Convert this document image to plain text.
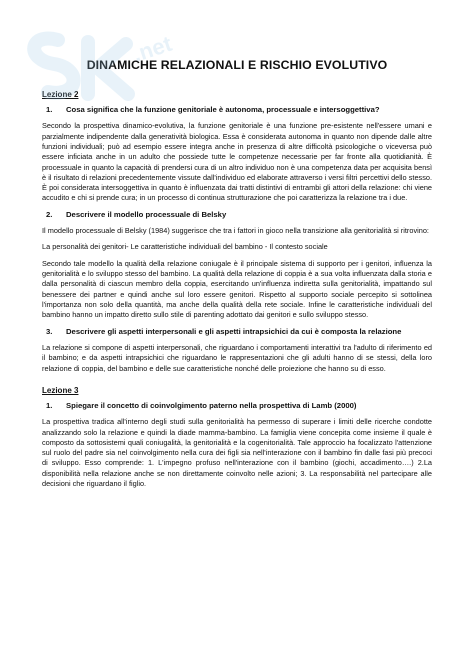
.net
DINAMICHE RELAZIONALI E RISCHIO EVOLUTIVO
Lezione 2
1.	Cosa significa che la funzione genitoriale è autonoma, processuale e intersoggettiva?

Secondo la prospettiva dinamico-evolutiva, la funzione genitoriale è una funzione pre-esistente nell'essere umani e parzialmente indipendente dalla generatività biologica. Essa è considerata autonoma in quanto non dipende dalle altre funzioni individuali; può ad esempio essere integra anche in presenza di altre difficoltà psicologiche o viceversa può essere inficiata anche in un adulto che possiede tutte le competenze necessarie per far fronte alla quotidianità. È processuale in quanto la capacità di prendersi cura di un altro individuo non è una competenza data per acquisita bensì è il risultato di relazioni precedentemente vissute dall'individuo ed elaborate attraverso i versi filtri percettivi dello stesso. È poi considerata intersoggettiva in quanto è influenzata dai tratti distintivi di entrambi gli attori della relazione: chi viene accudito e chi si prende cura; in un processo di continua strutturazione che poi caratterizza la relazione tra i due.

2.	Descrivere il modello processuale di Belsky

Il modello processuale di Belsky (1984) suggerisce che tra i fattori in gioco nella transizione alla genitorialità si ritrovino:

La personalità dei genitori- Le caratteristiche individuali del bambino - Il contesto sociale

Secondo tale modello la qualità della relazione coniugale è il principale sistema di supporto per i genitori, influenza la genitorialità e lo sviluppo stesso del bambino. La qualità della relazione di coppia è a sua volta influenzata dalla storia e dalla personalità di ciascun membro della coppia, esercitando un'influenza indiretta sulla genitorialità, impattando sul benessere dei partner e quindi anche sul loro essere genitori. Rispetto al supporto sociale percepito si sottolinea l'importanza non solo della quantità, ma anche della qualità della rete sociale. Infine le caratteristiche individuali del bambino hanno un impatto diretto sullo stile di parenting adottato dai genitori e sullo sviluppo stesso.

3.	Descrivere gli aspetti interpersonali e gli aspetti intrapsichici da cui è composta la relazione

La relazione si compone di aspetti interpersonali, che riguardano i comportamenti interattivi tra l'adulto di riferimento ed il bambino; e da aspetti intrapsichici che riguardano le rappresentazioni che gli adulti hanno di se stessi, della loro relazione di coppia, del bambino e delle sue caratteristiche nonché delle proiezione che hanno su di esso.

Lezione 3
1.	Spiegare il concetto di coinvolgimento paterno nella prospettiva di Lamb (2000)

La prospettiva tradica all'interno degli studi sulla genitorialità ha permesso di superare i limiti delle ricerche condotte analizzando solo la relazione e quindi la diade mamma-bambino. La famiglia viene concepita come insieme il quale è composto da sottosistemi quali coniugalità, la genitorialità e la cogenitorialità. Tale approccio ha focalizzato l'attenzione sul ruolo del padre sia nel coinvolgimento nella cura dei figli sia nell'interazione con il bambino fin dalle fasi più precoci di sviluppo. Esso comprende: 1. L'impegno profuso nell'interazione con il bambino (giochi, accadimento….) 2.La disponibilità nella relazione anche se non direttamente coinvolto nelle azioni; 3. La responsabilità nel partecipare alle decisioni che riguardano il figlio.
